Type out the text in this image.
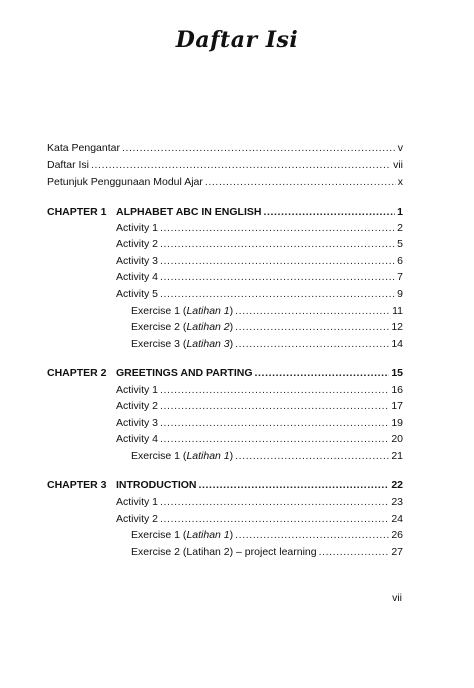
Daftar Isi
Kata Pengantar .....	v
Daftar Isi .....	vii
Petunjuk Penggunaan Modul Ajar .....	x
CHAPTER 1 ALPHABET ABC IN ENGLISH .....	1
Activity 1 .....	2
Activity 2 .....	5
Activity 3 .....	6
Activity 4 .....	7
Activity 5 .....	9
Exercise 1 (Latihan 1) .....	11
Exercise 2 (Latihan 2) .....	12
Exercise 3 (Latihan 3) .....	14
CHAPTER 2 GREETINGS AND PARTING .....	15
Activity 1 .....	16
Activity 2 .....	17
Activity 3 .....	19
Activity 4 .....	20
Exercise 1 (Latihan 1) .....	21
CHAPTER 3 INTRODUCTION .....	22
Activity 1 .....	23
Activity 2 .....	24
Exercise 1 (Latihan 1) .....	26
Exercise 2 (Latihan 2) – project learning .....	27
vii
